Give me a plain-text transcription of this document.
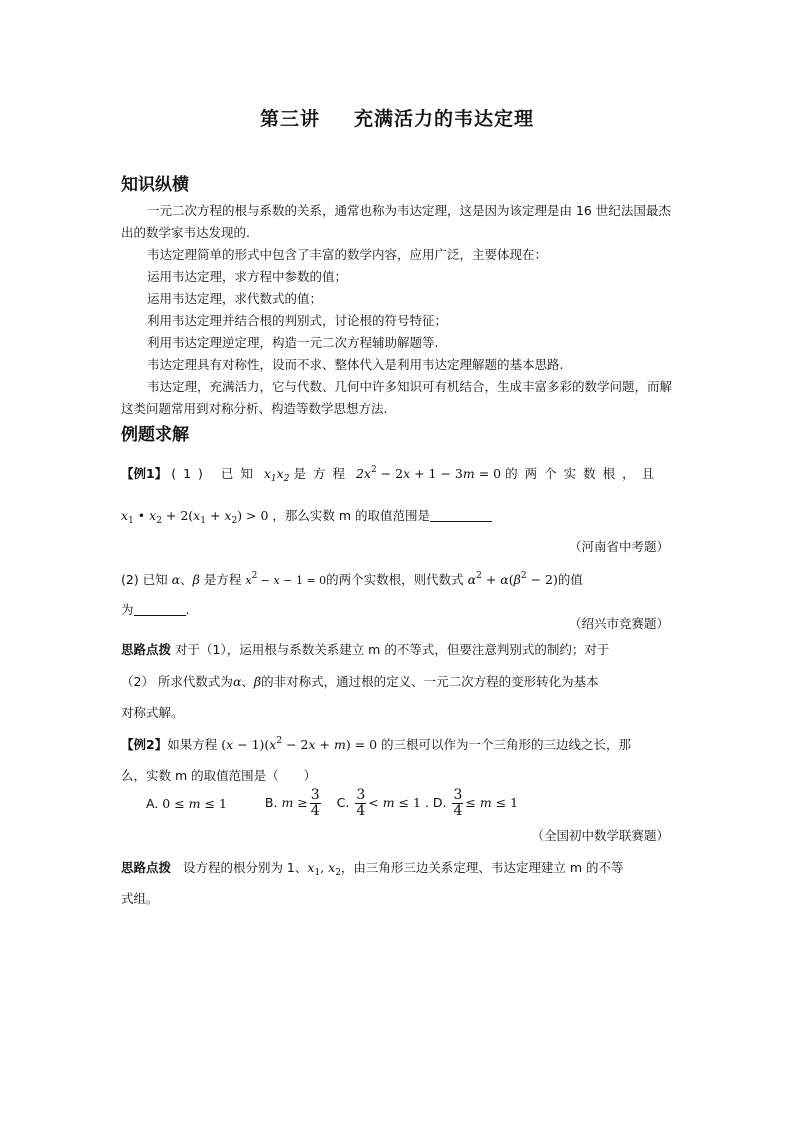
第三讲 充满活力的韦达定理
知识纵横

一元二次方程的根与系数的关系，通常也称为韦达定理，这是因为该定理是由 16 世纪法国最杰出的数学家韦达发现的.

韦达定理简单的形式中包含了丰富的数学内容，应用广泛，主要体现在：

运用韦达定理，求方程中参数的值；

运用韦达定理，求代数式的值；

利用韦达定理并结合根的判别式，讨论根的符号特征；

利用韦达定理逆定理，构造一元二次方程辅助解题等.

韦达定理具有对称性，设而不求、整体代入是利用韦达定理解题的基本思路.

韦达定理，充满活力，它与代数、几何中许多知识可有机结合，生成丰富多彩的数学问题，而解这类问题常用到对称分析、构造等数学思想方法.

例题求解
【例1】 (1) 已知 $x_1x_2$ 是方程 $2x^2 - 2x + 1 - 3m = 0$ 的两个实数根，且
$x_1$ • $x_2 + 2(x_1 + x_2) > 0$ ，那么实数 m 的取值范围是
（河南省中考题）
(2) 已知 α、β 是方程 $x^2 - x - 1 = 0$的两个实数根，则代数式 $\alpha^2 + \alpha(\beta^2 - 2)$的值
为	.
（绍兴市竞赛题）
思路点拨 对于（1），运用根与系数关系建立 m 的不等式，但要注意判别式的制约；对于
（2） 所求代数式为α、β的非对称式，通过根的定义、一元二次方程的变形转化为基本
对称式解。
【例2】如果方程 $(x - 1)(x^2 - 2x + m) = 0$ 的三根可以作为一个三角形的三边线之长，那
么，实数 m 的取值范围是（　　）
A. 0 ≤ m ≤ 1	B. $m \ge \frac{3}{4} C$. $\frac{3}{4} < m \le 1$ . D. $\frac{3}{4} \le m \le 1$
（全国初中数学联赛题）
思路点拨 设方程的根分别为 1、$x_1$, $x_2$，由三角形三边关系定理、韦达定理建立 m 的不等
式组。
